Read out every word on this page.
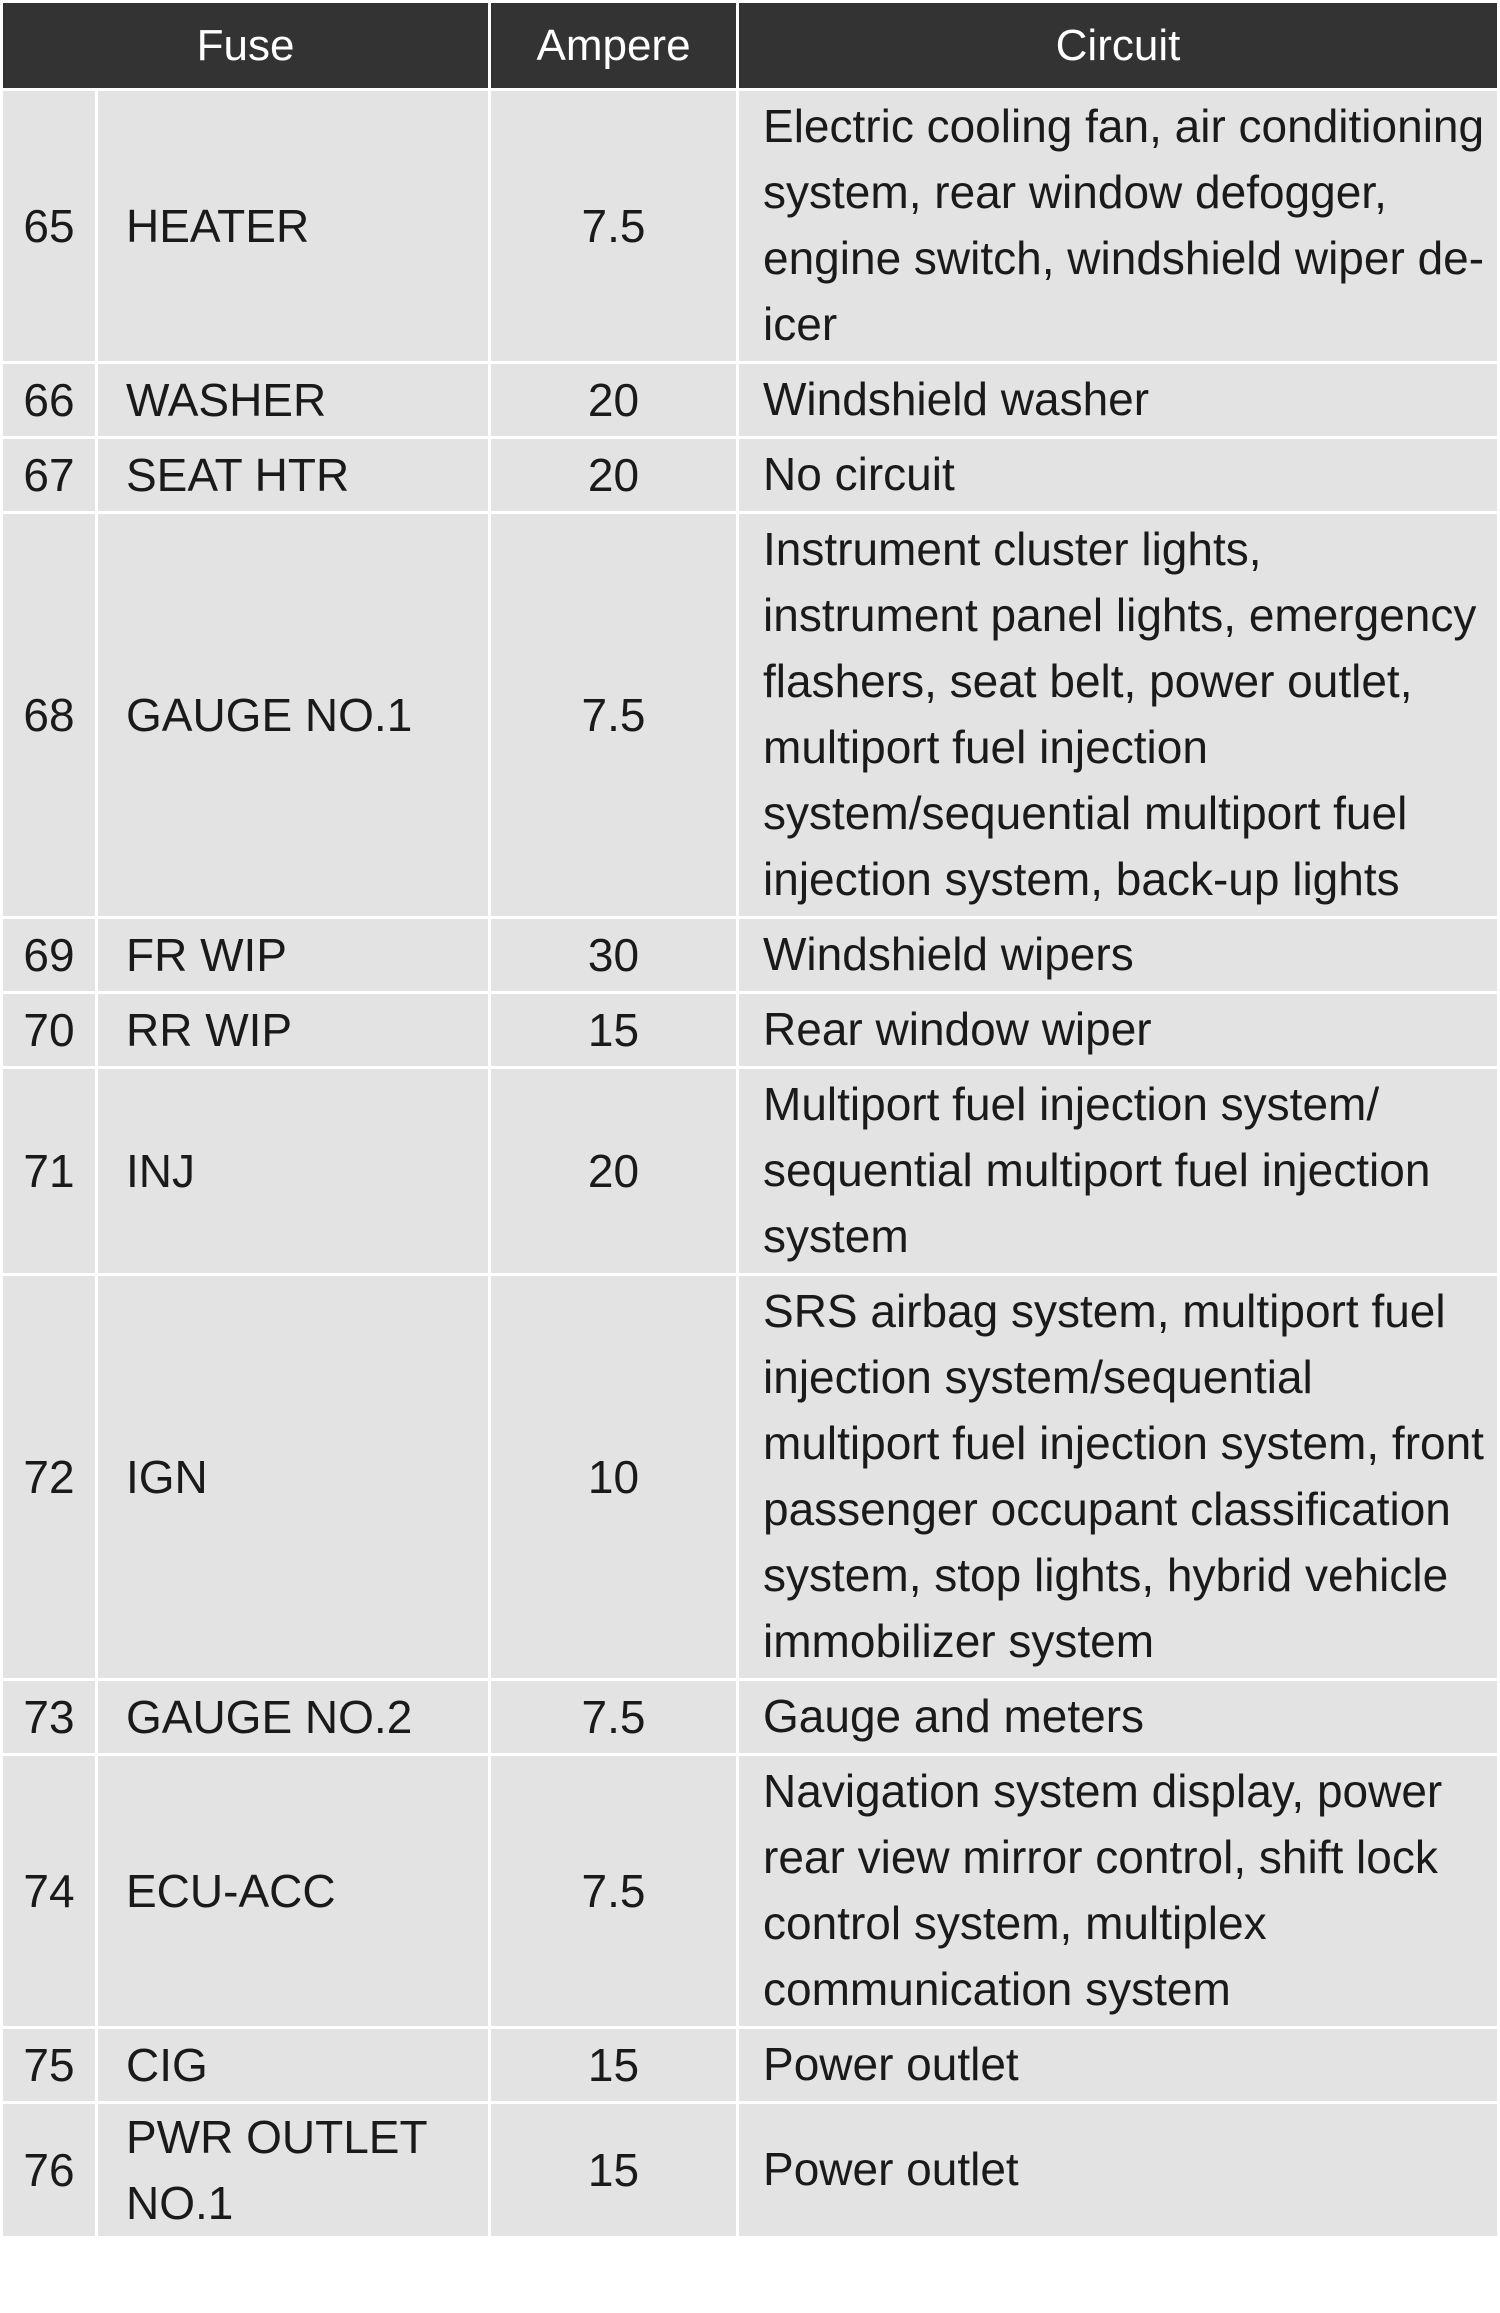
Fuse		Ampere	Circuit
65	HEATER	7.5	Electric cooling fan, air conditioning system, rear window defogger, engine switch, windshield wiper de-icer
66	WASHER	20	Windshield washer
67	SEAT HTR	20	No circuit
68	GAUGE NO.1	7.5	Instrument cluster lights, instrument panel lights, emergency flashers, seat belt, power outlet, multiport fuel injection system/sequential multiport fuel injection system, back-up lights
69	FR WIP	30	Windshield wipers
70	RR WIP	15	Rear window wiper
71	INJ	20	Multiport fuel injection system/ sequential multiport fuel injection system
72	IGN	10	SRS airbag system, multiport fuel injection system/sequential multiport fuel injection system, front passenger occupant classification system, stop lights, hybrid vehicle immobilizer system
73	GAUGE NO.2	7.5	Gauge and meters
74	ECU-ACC	7.5	Navigation system display, power rear view mirror control, shift lock control system, multiplex communication system
75	CIG	15	Power outlet
76	PWR OUTLET NO.1	15	Power outlet
